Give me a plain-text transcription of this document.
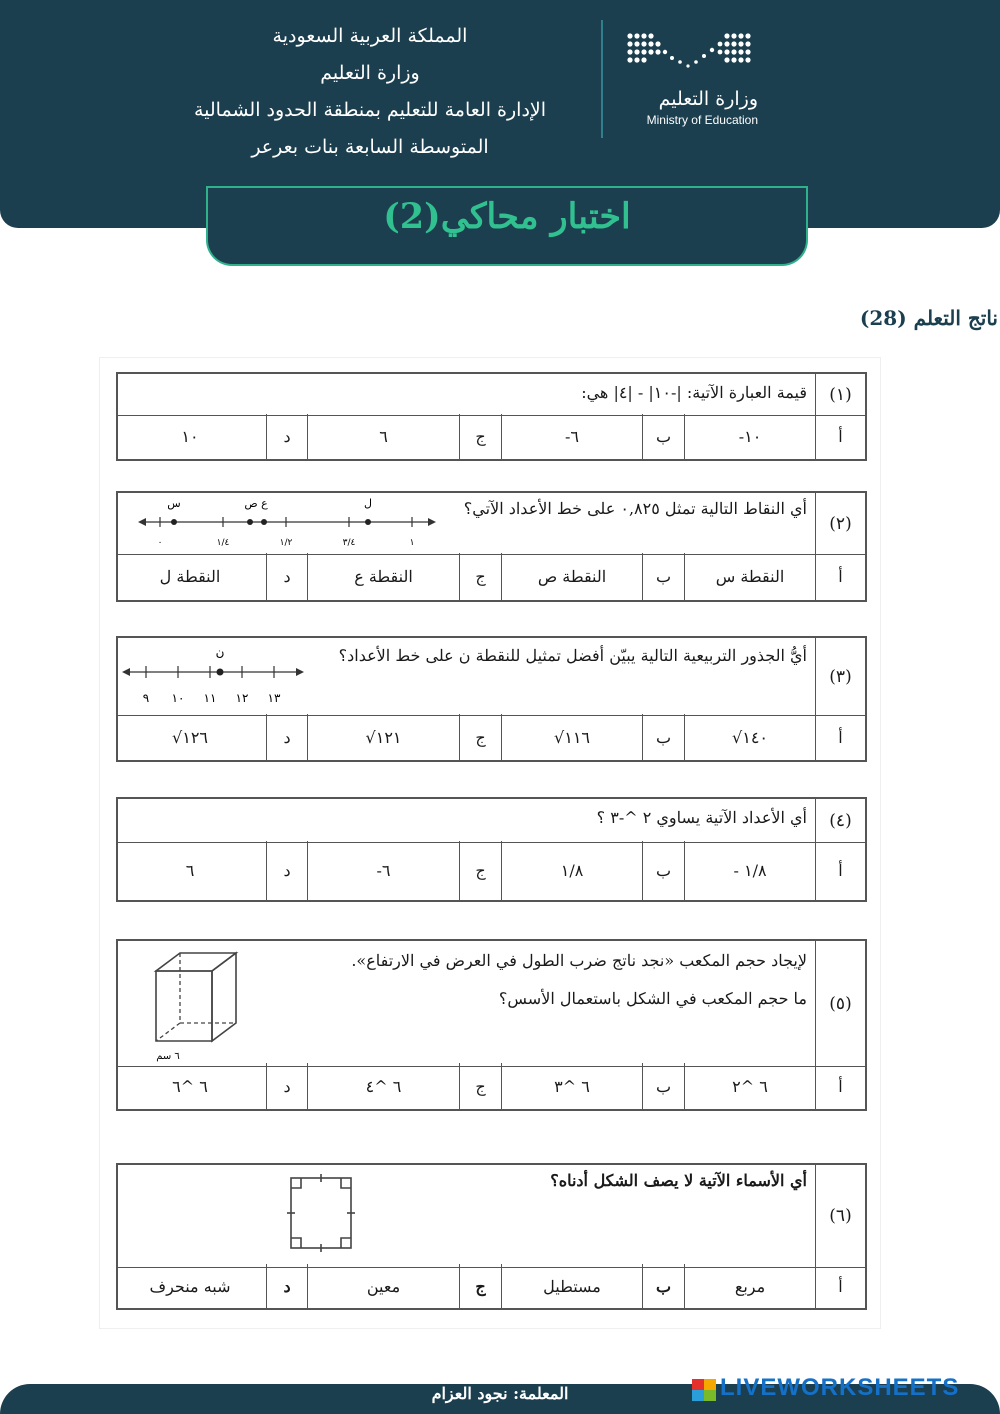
المملكة العربية السعودية
وزارة التعليم
الإدارة العامة للتعليم بمنطقة الحدود الشمالية
المتوسطة السابعة بنات بعرعر
وزارة التعليم
Ministry of Education
اختبار محاكي(2)
ناتج التعلم (28)
(١)
قيمة العبارة الآتية: |-١٠| - |٤| هي:
أ
١٠-
ب
٦-
ج
٦
د
١٠
(٢)
أي النقاط التالية تمثل ٠,٨٢٥ على خط الأعداد الآتي؟
س	ع ص	ل
٠	١/٤	١/٢	٣/٤	١
أ
النقطة س
ب
النقطة ص
ج
النقطة ع
د
النقطة ل
(٣)
أيُّ الجذور التربيعية التالية يبيّن أفضل تمثيل للنقطة ن على خط الأعداد؟
ن
٩ ١٠ ١١ ١٢ ١٣
أ
١٤٠√
ب
١١٦√
ج
١٢١√
د
١٢٦√
(٤)
أي الأعداد الآتية يساوي ٢ ^-٣ ؟
أ
١/٨ -
ب
١/٨
ج
٦-
د
٦
(٥)
لإيجاد حجم المكعب «نجد ناتج ضرب الطول في العرض في الارتفاع».
ما حجم المكعب في الشكل باستعمال الأسس؟
٦ سم
أ
٦ ^٢
ب
٦ ^٣
ج
٦ ^٤
د
٦ ^٦
(٦)
أي الأسماء الآتية لا يصف الشكل أدناه؟
أ
مربع
ب
مستطيل
ج
معين
د
شبه منحرف
المعلمة: نجود العزام	LIVEWORKSHEETS
